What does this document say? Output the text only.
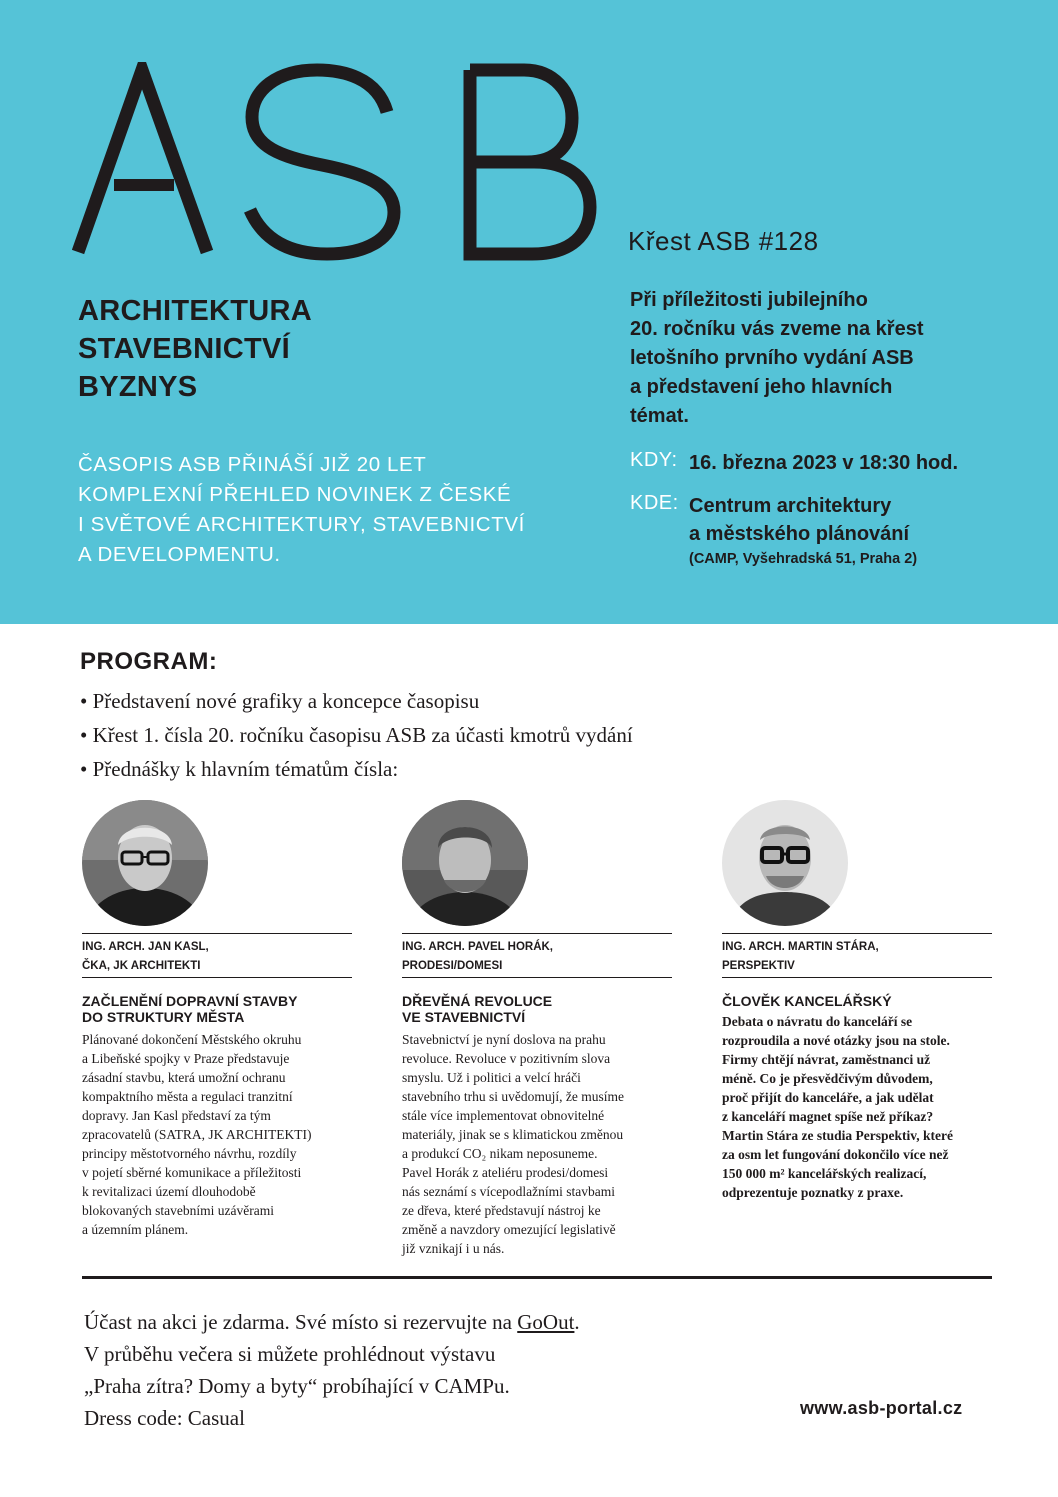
ARCHITEKTURA
STAVEBNICTVÍ
BYZNYS
ČASOPIS ASB PŘINÁŠÍ JIŽ 20 LET
KOMPLEXNÍ PŘEHLED NOVINEK Z ČESKÉ
I SVĚTOVÉ ARCHITEKTURY, STAVEBNICTVÍ
A DEVELOPMENTU.
Křest ASB #128
Při příležitosti jubilejního
20. ročníku vás zveme na křest
letošního prvního vydání ASB
a představení jeho hlavních
témat.
KDY: 16. března 2023 v 18:30 hod.
KDE: Centrum architektury
a městského plánování
(CAMP, Vyšehradská 51, Praha 2)
PROGRAM:
• Představení nové grafiky a koncepce časopisu
• Křest 1. čísla 20. ročníku časopisu ASB za účasti kmotrů vydání
• Přednášky k hlavním tématům čísla:
ING. ARCH. JAN KASL,
ČKA, JK ARCHITEKTI
ZAČLENĚNÍ DOPRAVNÍ STAVBY
DO STRUKTURY MĚSTA
Plánované dokončení Městského okruhu
a Libeňské spojky v Praze představuje
zásadní stavbu, která umožní ochranu
kompaktního města a regulaci tranzitní
dopravy. Jan Kasl představí za tým
zpracovatelů (SATRA, JK ARCHITEKTI)
principy městotvorného návrhu, rozdíly
v pojetí sběrné komunikace a příležitosti
k revitalizaci území dlouhodobě
blokovaných stavebními uzávěrami
a územním plánem.
ING. ARCH. PAVEL HORÁK,
PRODESI/DOMESI
DŘEVĚNÁ REVOLUCE
VE STAVEBNICTVÍ
Stavebnictví je nyní doslova na prahu
revoluce. Revoluce v pozitivním slova
smyslu. Už i politici a velcí hráči
stavebního trhu si uvědomují, že musíme
stále více implementovat obnovitelné
materiály, jinak se s klimatickou změnou
a produkcí CO₂ nikam neposuneme.
Pavel Horák z ateliéru prodesi/domesi
nás seznámí s vícepodlažními stavbami
ze dřeva, které představují nástroj ke
změně a navzdory omezující legislativě
již vznikají i u nás.
ING. ARCH. MARTIN STÁRA,
PERSPEKTIV
ČLOVĚK KANCELÁŘSKÝ
Debata o návratu do kanceláří se
rozproudila a nové otázky jsou na stole.
Firmy chtějí návrat, zaměstnanci už
méně. Co je přesvědčivým důvodem,
proč přijít do kanceláře, a jak udělat
z kanceláří magnet spíše než příkaz?
Martin Stára ze studia Perspektiv, které
za osm let fungování dokončilo více než
150 000 m² kancelářských realizací,
odprezentuje poznatky z praxe.
Účast na akci je zdarma. Své místo si rezervujte na GoOut.
V průběhu večera si můžete prohlédnout výstavu
„Praha zítra? Domy a byty“ probíhající v CAMPu.
Dress code: Casual	www.asb-portal.cz
